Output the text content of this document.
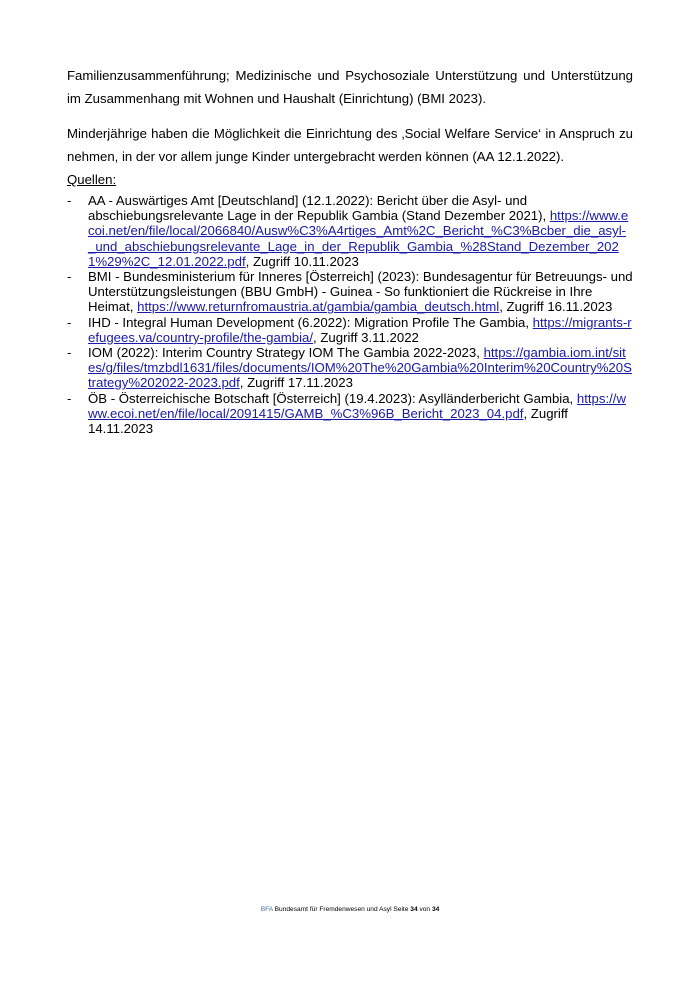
Familienzusammenführung; Medizinische und Psychosoziale Unterstützung und Unterstützung im Zusammenhang mit Wohnen und Haushalt (Einrichtung) (BMI 2023).

Minderjährige haben die Möglichkeit die Einrichtung des ‚Social Welfare Service‘ in Anspruch zu nehmen, in der vor allem junge Kinder untergebracht werden können (AA 12.1.2022).

Quellen:

- AA - Auswärtiges Amt [Deutschland] (12.1.2022): Bericht über die Asyl- und abschiebungsrelevante Lage in der Republik Gambia (Stand Dezember 2021), https://www.ecoi.net/en/file/local/2066840/Ausw%C3%A4rtiges_Amt%2C_Bericht_%C3%Bcber_die_asyl-_und_abschiebungsrelevante_Lage_in_der_Republik_Gambia_%28Stand_Dezember_2021%29%2C_12.01.2022.pdf, Zugriff 10.11.2023
- BMI - Bundesministerium für Inneres [Österreich] (2023): Bundesagentur für Betreuungs- und Unterstützungsleistungen (BBU GmbH) - Guinea - So funktioniert die Rückreise in Ihre Heimat, https://www.returnfromaustria.at/gambia/gambia_deutsch.html, Zugriff 16.11.2023
- IHD - Integral Human Development (6.2022): Migration Profile The Gambia, https://migrants-refugees.va/country-profile/the-gambia/, Zugriff 3.11.2022
- IOM (2022): Interim Country Strategy IOM The Gambia 2022-2023, https://gambia.iom.int/sites/g/files/tmzbdl1631/files/documents/IOM%20The%20Gambia%20Interim%20Country%20Strategy%202022-2023.pdf, Zugriff 17.11.2023
- ÖB - Österreichische Botschaft [Österreich] (19.4.2023): Asylländerbericht Gambia, https://www.ecoi.net/en/file/local/2091415/GAMB_%C3%96B_Bericht_2023_04.pdf, Zugriff 14.11.2023
BFA Bundesamt für Fremdenwesen und Asyl Seite 34 von 34
